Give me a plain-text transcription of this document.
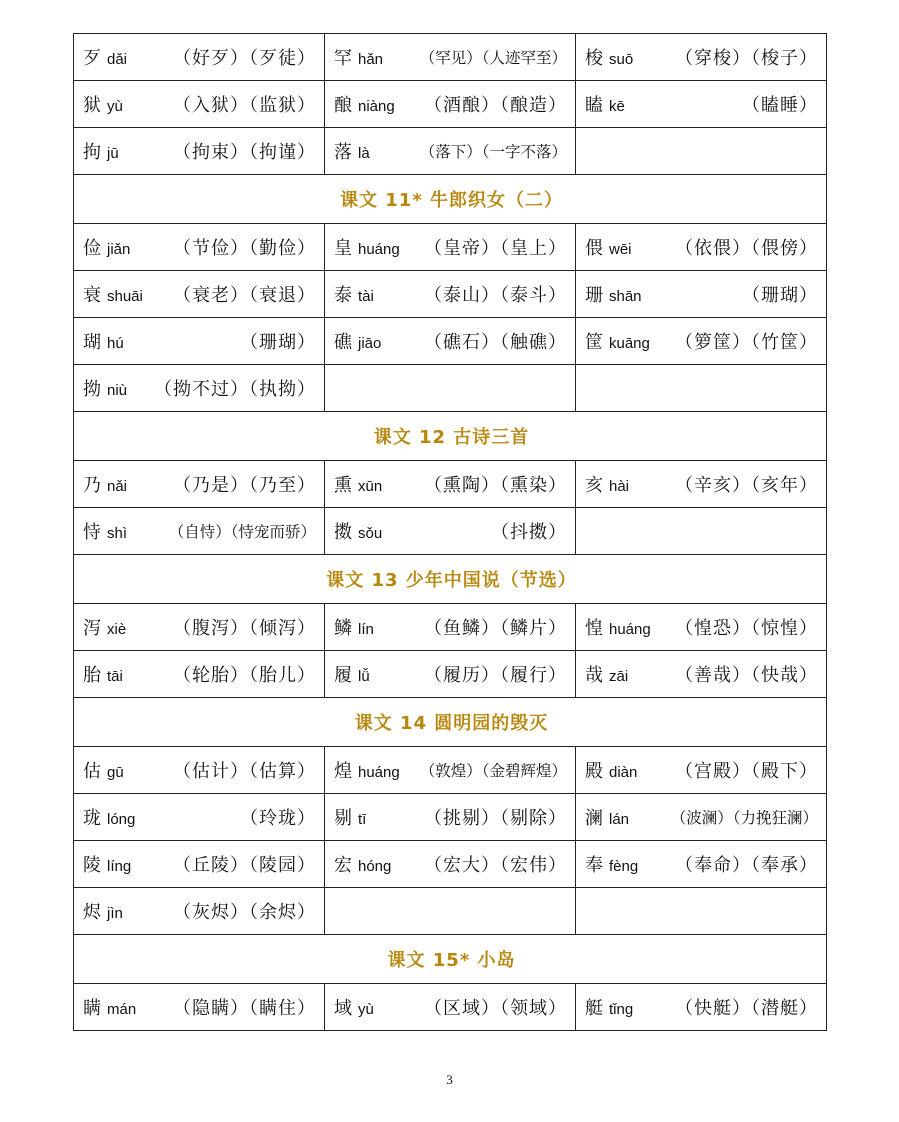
歹 dǎi （好歹）（歹徒）	罕 hǎn （罕见）（人迹罕至）	梭 suō （穿梭）（梭子）

狱 yù （入狱）（监狱）	酿 niàng （酒酿）（酿造）	瞌 kē （瞌睡）

拘 jū （拘束）（拘谨）	落 là （落下）（一字不落）	

课文 11* 牛郎织女（二）		
俭 jiǎn （节俭）（勤俭）	皇 huáng （皇帝）（皇上）	偎 wēi （依偎）（偎傍）

衰 shuāi （衰老）（衰退）	泰 tài （泰山）（泰斗）	珊 shān （珊瑚）

瑚 hú （珊瑚）	礁 jiāo （礁石）（触礁）	筐 kuāng （箩筐）（竹筐）

拗 niù （拗不过）（执拗）		

课文 12 古诗三首		
乃 nǎi （乃是）（乃至）	熏 xūn （熏陶）（熏染）	亥 hài （辛亥）（亥年）

恃 shì （自恃）（恃宠而骄）	擞 sǒu （抖擞）	

课文 13 少年中国说（节选）		
泻 xiè （腹泻）（倾泻）	鳞 lín （鱼鳞）（鳞片）	惶 huáng （惶恐）（惊惶）

胎 tāi （轮胎）（胎儿）	履 lǚ （履历）（履行）	哉 zāi （善哉）（快哉）

课文 14 圆明园的毁灭		
估 gū （估计）（估算）	煌 huáng （敦煌）（金碧辉煌）	殿 diàn （宫殿）（殿下）

珑 lóng （玲珑）	剔 tī （挑剔）（剔除）	澜 lán （波澜）（力挽狂澜）

陵 líng （丘陵）（陵园）	宏 hóng （宏大）（宏伟）	奉 fèng （奉命）（奉承）

烬 jìn （灰烬）（余烬）		

课文 15* 小岛		
瞒 mán （隐瞒）（瞒住）	域 yù （区域）（领域）	艇 tǐng （快艇）（潜艇）
3
